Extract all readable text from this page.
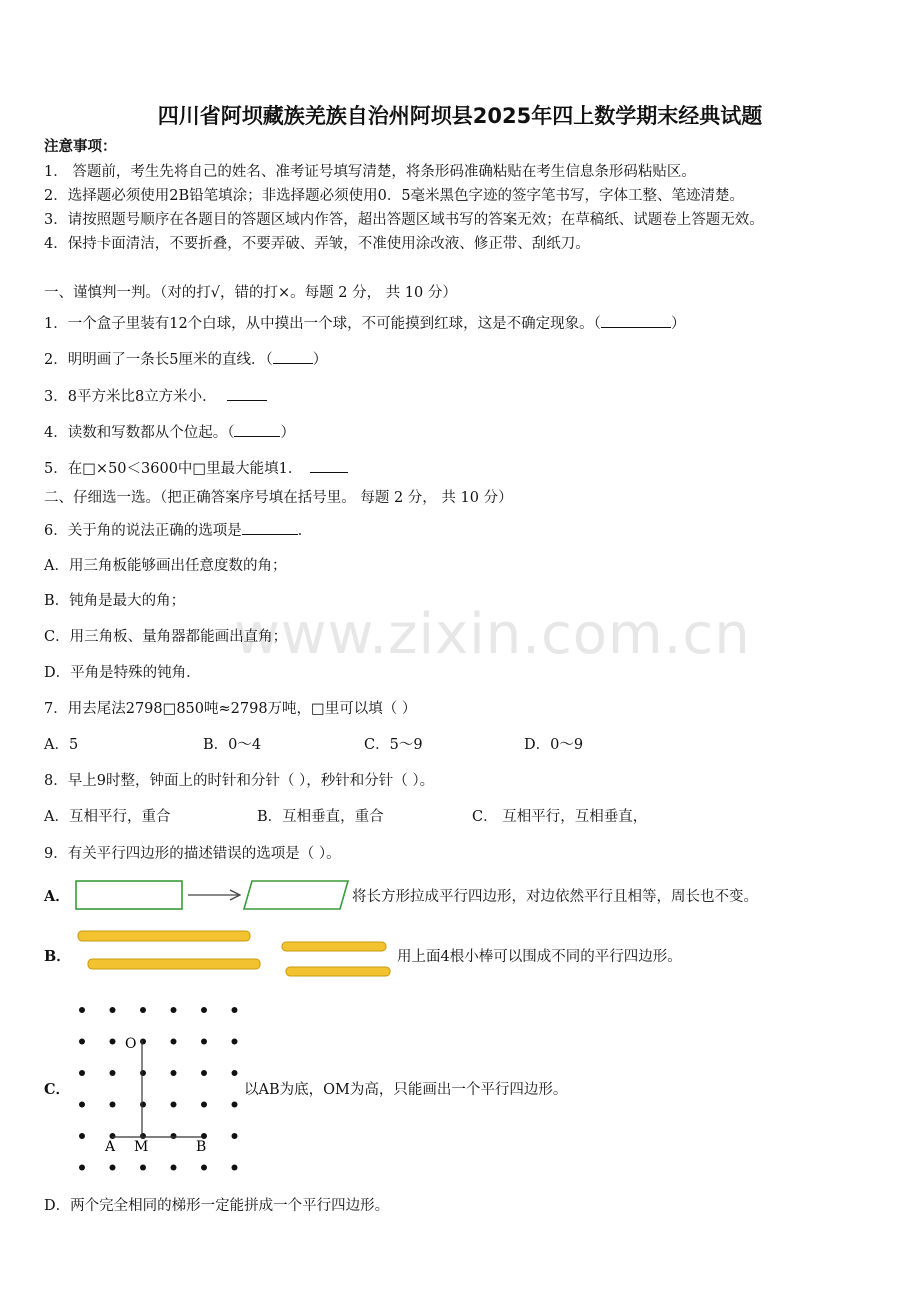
四川省阿坝藏族羌族自治州阿坝县2025年四上数学期末经典试题
www.zixin.com.cn
注意事项：
1． 答题前，考生先将自己的姓名、准考证号填写清楚，将条形码准确粘贴在考生信息条形码粘贴区。
2．选择题必须使用2B铅笔填涂；非选择题必须使用0．5毫米黑色字迹的签字笔书写，字体工整、笔迹清楚。
3．请按照题号顺序在各题目的答题区域内作答，超出答题区域书写的答案无效；在草稿纸、试题卷上答题无效。
4．保持卡面清洁，不要折叠，不要弄破、弄皱，不准使用涂改液、修正带、刮纸刀。
一、谨慎判一判。（对的打√，错的打×。每题 2 分， 共 10 分）
1．一个盒子里装有12个白球，从中摸出一个球，不可能摸到红球，这是不确定现象。（	）
2．明明画了一条长5厘米的直线．（	）
3．8平方米比8立方米小．
4．读数和写数都从个位起。（	）
5．在□×50＜3600中□里最大能填1．
二、仔细选一选。（把正确答案序号填在括号里。 每题 2 分， 共 10 分）
6．关于角的说法正确的选项是	．
A．用三角板能够画出任意度数的角；
B．钝角是最大的角；
C．用三角板、量角器都能画出直角；
D．平角是特殊的钝角．
7．用去尾法2798□850吨≈2798万吨，□里可以填（ ）
A．5	B．0～4	C．5～9	D．0～9
8．早上9时整，钟面上的时针和分针（ ），秒针和分针（ ）。
A．互相平行，重合	B．互相垂直，重合	C． 互相平行，互相垂直，
9．有关平行四边形的描述错误的选项是（ ）。
A．	将长方形拉成平行四边形，对边依然平行且相等，周长也不变。
B．	用上面4根小棒可以围成不同的平行四边形。
C．
O
A M	B
以AB为底，OM为高，只能画出一个平行四边形。
D．两个完全相同的梯形一定能拼成一个平行四边形。
